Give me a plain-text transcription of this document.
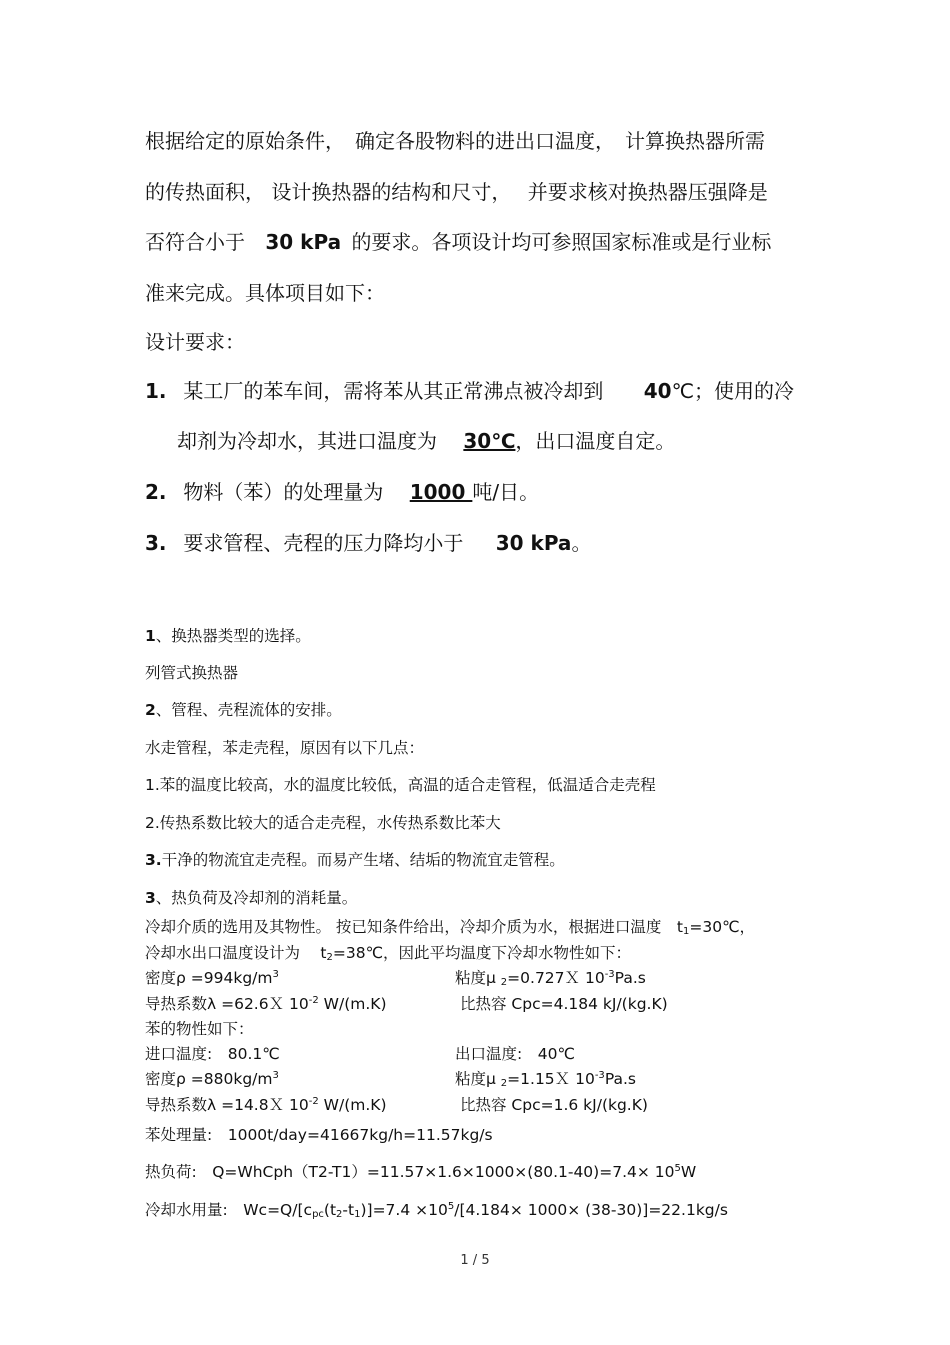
根据给定的原始条件，　确定各股物料的进出口温度，　计算换热器所需
的传热面积， 设计换热器的结构和尺寸，　 并要求核对换热器压强降是
否符合小于 30 kPa 的要求。各项设计均可参照国家标准或是行业标
准来完成。具体项目如下：
设计要求：
1. 某工厂的苯车间，需将苯从其正常沸点被冷却到 40℃；使用的冷
却剂为冷却水，其进口温度为 30℃，出口温度自定。
2. 物料（苯）的处理量为 1000 吨/日。
3. 要求管程、壳程的压力降均小于 30 kPa。
1、换热器类型的选择。
列管式换热器
2、管程、壳程流体的安排。
水走管程，苯走壳程，原因有以下几点：
1.苯的温度比较高，水的温度比较低，高温的适合走管程，低温适合走壳程
2.传热系数比较大的适合走壳程，水传热系数比苯大
3.干净的物流宜走壳程。而易产生堵、结垢的物流宜走管程。
3、热负荷及冷却剂的消耗量。
冷却介质的选用及其物性。 按已知条件给出，冷却介质为水，根据进口温度　$t_1=30℃$，
冷却水出口温度设计为　 $t_2=38℃$，因此平均温度下冷却水物性如下：
密度$\rho =994kg/m^3$	粘度μ $_2$=0.727Ｘ $10^{-3}Pa.s$
导热系数λ =62.6Ｘ $10^{-2}$ W/(m.K)	比热容 Cpc=4.184 kJ/(kg.K)
苯的物性如下：
进口温度:　80.1℃	出口温度:　40℃
密度$\rho =880kg/m^3$	粘度μ $_2$=1.15Ｘ $10^{-3}Pa.s$
导热系数λ =14.8Ｘ $10^{-2}$ W/(m.K)	比热容 Cpc=1.6 kJ/(kg.K)
苯处理量:　1000t/day=41667kg/h=11.57kg/s
热负荷:　Q=WhCph（T2-T1）=11.57×1.6×1000×(80.1-40)=7.4× $10^5W$
冷却水用量:　$Wc=Q/[c_{pc}(t_2-t_1)]=7.4 \times 10^5/[4.184\times 1000\times (38-30)]=22.1kg/s$
1 / 5
